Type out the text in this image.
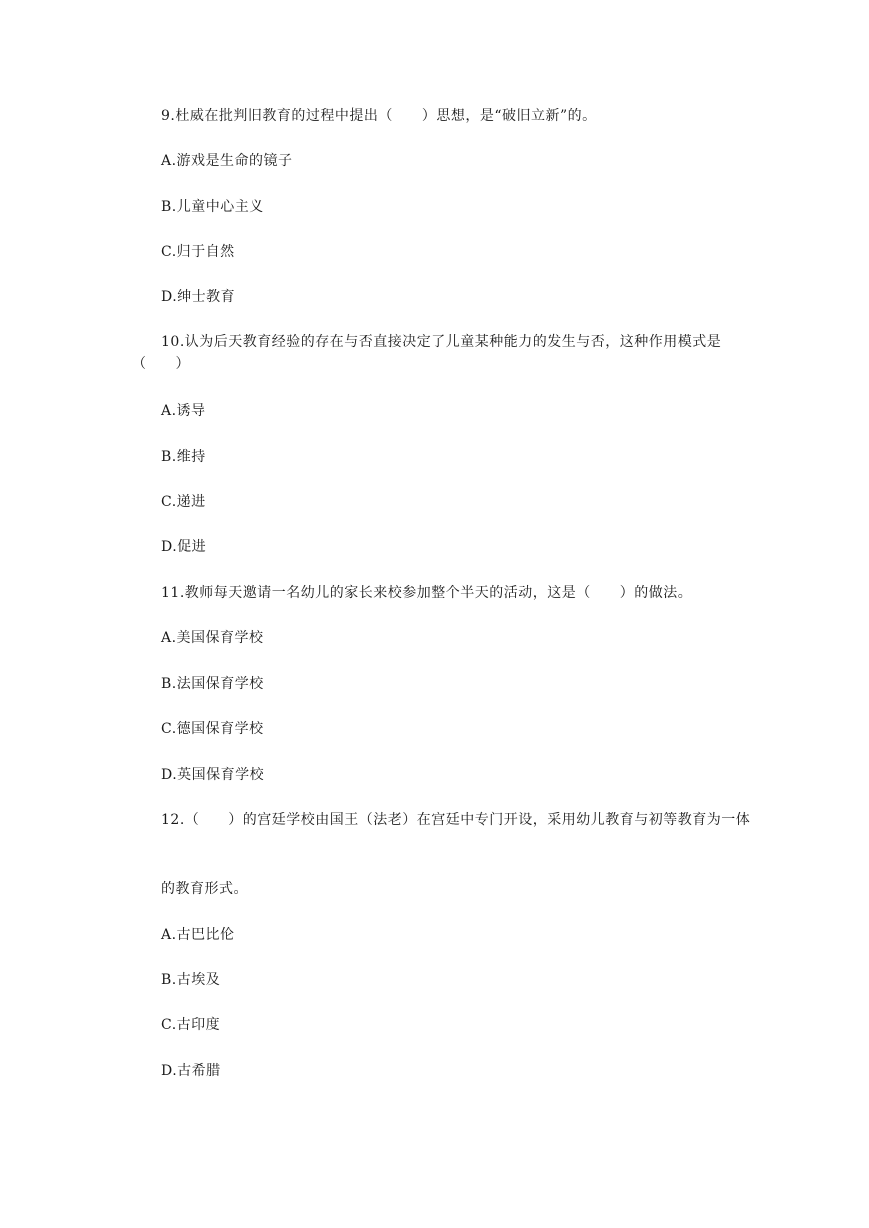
9.杜威在批判旧教育的过程中提出（　　）思想，是“破旧立新”的。
A.游戏是生命的镜子
B.儿童中心主义
C.归于自然
D.绅士教育
10.认为后天教育经验的存在与否直接决定了儿童某种能力的发生与否，这种作用模式是（　　）
A.诱导
B.维持
C.递进
D.促进
11.教师每天邀请一名幼儿的家长来校参加整个半天的活动，这是（　　）的做法。
A.美国保育学校
B.法国保育学校
C.德国保育学校
D.英国保育学校
12.（　　）的宫廷学校由国王（法老）在宫廷中专门开设，采用幼儿教育与初等教育为一体
的教育形式。
A.古巴比伦
B.古埃及
C.古印度
D.古希腊
